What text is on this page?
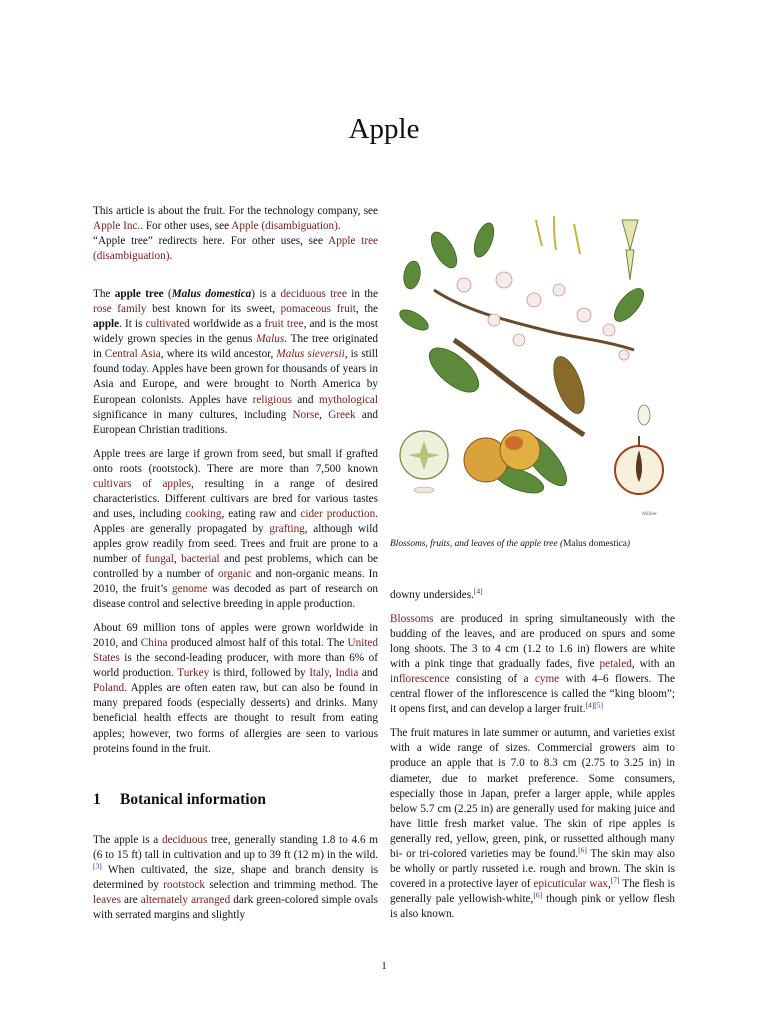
Apple

This article is about the fruit. For the technology company, see Apple Inc.. For other uses, see Apple (disambiguation).
“Apple tree” redirects here. For other uses, see Apple tree (disambiguation).

The apple tree (Malus domestica) is a deciduous tree in the rose family best known for its sweet, pomaceous fruit, the apple. It is cultivated worldwide as a fruit tree, and is the most widely grown species in the genus Malus. The tree originated in Central Asia, where its wild ancestor, Malus sieversii, is still found today. Apples have been grown for thousands of years in Asia and Europe, and were brought to North America by European colonists. Apples have religious and mythological significance in many cultures, including Norse, Greek and European Christian traditions.

Apple trees are large if grown from seed, but small if grafted onto roots (rootstock). There are more than 7,500 known cultivars of apples, resulting in a range of desired characteristics. Different cultivars are bred for various tastes and uses, including cooking, eating raw and cider production. Apples are generally propagated by grafting, although wild apples grow readily from seed. Trees and fruit are prone to a number of fungal, bacterial and pest problems, which can be controlled by a number of organic and non-organic means. In 2010, the fruit’s genome was decoded as part of research on disease control and selective breeding in apple production.

About 69 million tons of apples were grown worldwide in 2010, and China produced almost half of this total. The United States is the second-leading producer, with more than 6% of world production. Turkey is third, followed by Italy, India and Poland. Apples are often eaten raw, but can also be found in many prepared foods (especially desserts) and drinks. Many beneficial health effects are thought to result from eating apples; however, two forms of allergies are seen to various proteins found in the fruit.

1 Botanical information

The apple is a deciduous tree, generally standing 1.8 to 4.6 m (6 to 15 ft) tall in cultivation and up to 39 ft (12 m) in the wild.[3] When cultivated, the size, shape and branch density is determined by rootstock selection and trimming method. The leaves are alternately arranged dark green-colored simple ovals with serrated margins and slightly

Müller
Blossoms, fruits, and leaves of the apple tree (Malus domestica)

downy undersides.[4]

Blossoms are produced in spring simultaneously with the budding of the leaves, and are produced on spurs and some long shoots. The 3 to 4 cm (1.2 to 1.6 in) flowers are white with a pink tinge that gradually fades, five petaled, with an inflorescence consisting of a cyme with 4–6 flowers. The central flower of the inflorescence is called the “king bloom”; it opens first, and can develop a larger fruit.[4][5]

The fruit matures in late summer or autumn, and varieties exist with a wide range of sizes. Commercial growers aim to produce an apple that is 7.0 to 8.3 cm (2.75 to 3.25 in) in diameter, due to market preference. Some consumers, especially those in Japan, prefer a larger apple, while apples below 5.7 cm (2.25 in) are generally used for making juice and have little fresh market value. The skin of ripe apples is generally red, yellow, green, pink, or russetted although many bi- or tri-colored varieties may be found.[6] The skin may also be wholly or partly russeted i.e. rough and brown. The skin is covered in a protective layer of epicuticular wax,[7] The flesh is generally pale yellowish-white,[6] though pink or yellow flesh is also known.

1
